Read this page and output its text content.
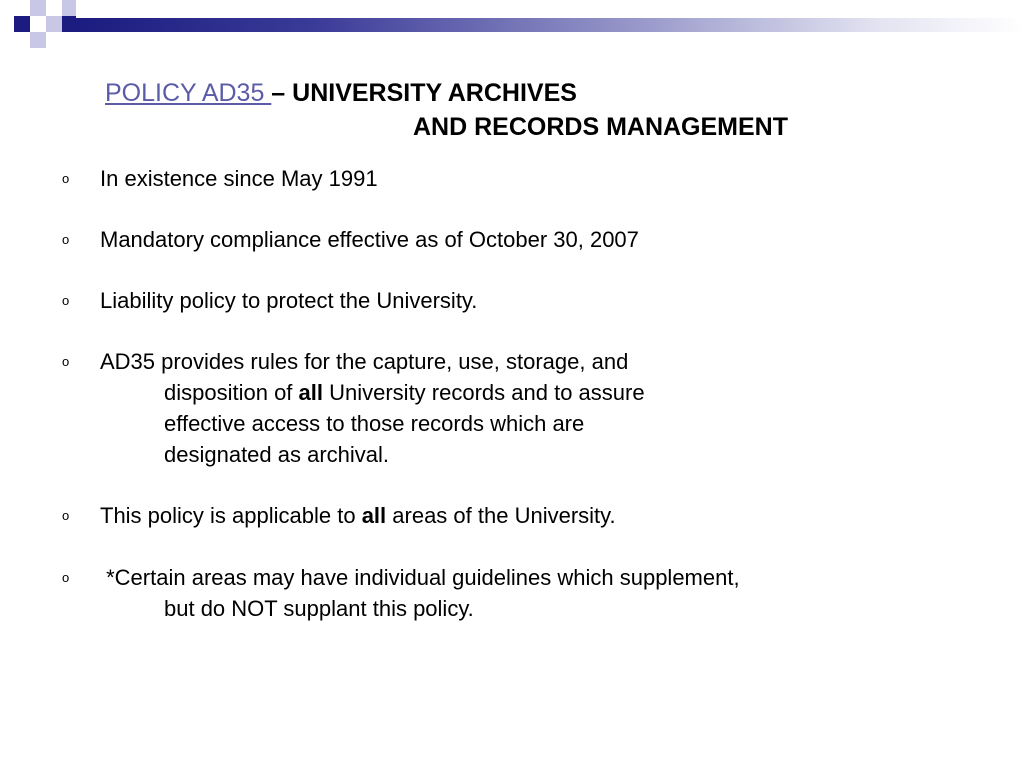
POLICY AD35 – UNIVERSITY ARCHIVES
AND RECORDS MANAGEMENT
o In existence since May 1991
o Mandatory compliance effective as of October 30, 2007
o Liability policy to protect the University.
o AD35 provides rules for the capture, use, storage, and
disposition of all University records and to assure
effective access to those records which are
designated as archival.
o This policy is applicable to all areas of the University.
o *Certain areas may have individual guidelines which supplement,
but do NOT supplant this policy.
